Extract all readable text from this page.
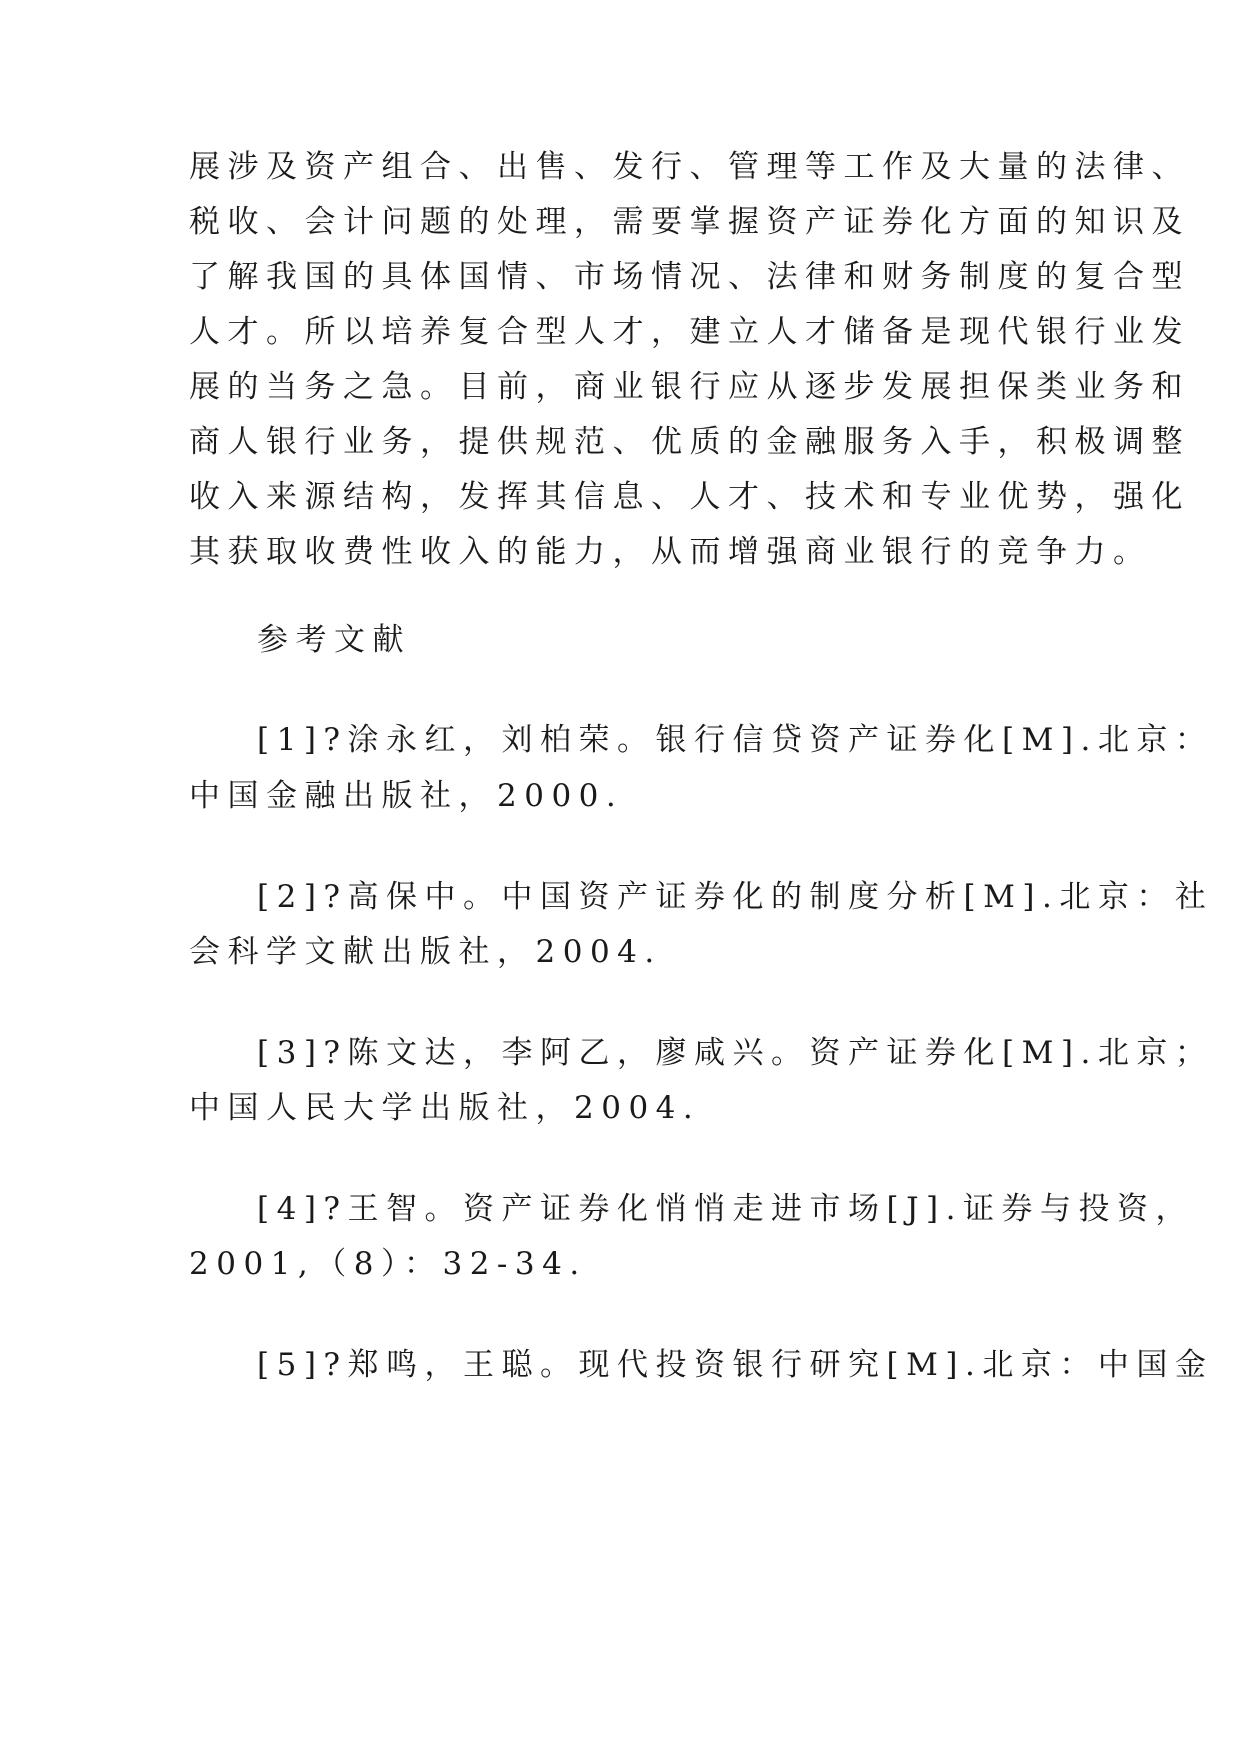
展涉及资产组合、出售、发行、管理等工作及大量的法律、
税收、会计问题的处理，需要掌握资产证券化方面的知识及
了解我国的具体国情、市场情况、法律和财务制度的复合型
人才。所以培养复合型人才，建立人才储备是现代银行业发
展的当务之急。目前，商业银行应从逐步发展担保类业务和
商人银行业务，提供规范、优质的金融服务入手，积极调整
收入来源结构，发挥其信息、人才、技术和专业优势，强化
其获取收费性收入的能力，从而增强商业银行的竞争力。
参考文献
[1]?涂永红，刘柏荣。银行信贷资产证券化[M].北京：
中国金融出版社，2000.
[2]?高保中。中国资产证券化的制度分析[M].北京：社
会科学文献出版社，2004.
[3]?陈文达，李阿乙，廖咸兴。资产证券化[M].北京；
中国人民大学出版社，2004.
[4]?王智。资产证券化悄悄走进市场[J].证券与投资，
2001,（8）：32-34.
[5]?郑鸣，王聪。现代投资银行研究[M].北京：中国金
